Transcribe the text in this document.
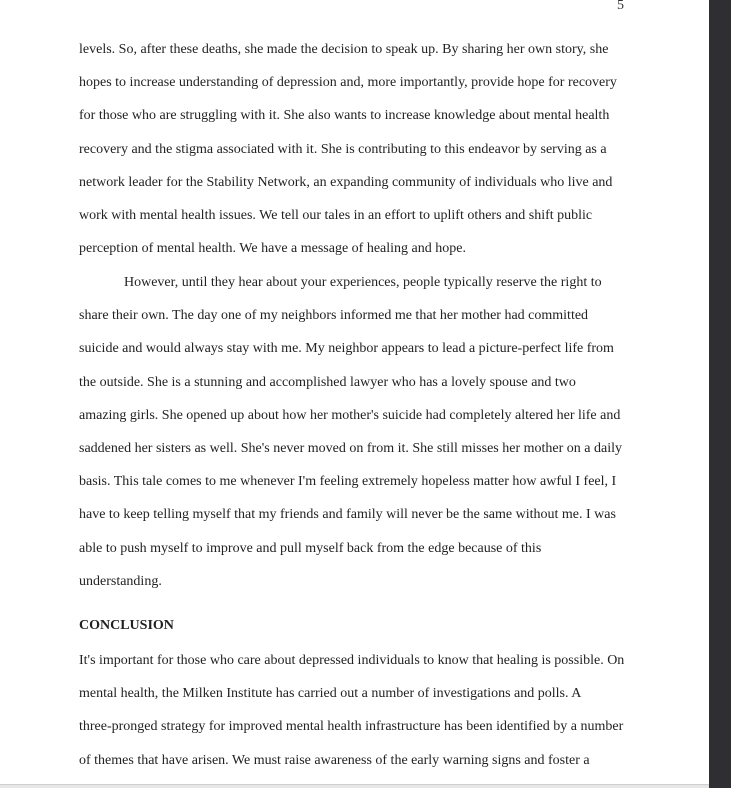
5
levels. So, after these deaths, she made the decision to speak up. By sharing her own story, she
hopes to increase understanding of depression and, more importantly, provide hope for recovery
for those who are struggling with it. She also wants to increase knowledge about mental health
recovery and the stigma associated with it. She is contributing to this endeavor by serving as a
network leader for the Stability Network, an expanding community of individuals who live and
work with mental health issues. We tell our tales in an effort to uplift others and shift public
perception of mental health. We have a message of healing and hope.
However, until they hear about your experiences, people typically reserve the right to
share their own. The day one of my neighbors informed me that her mother had committed
suicide and would always stay with me. My neighbor appears to lead a picture-perfect life from
the outside. She is a stunning and accomplished lawyer who has a lovely spouse and two
amazing girls. She opened up about how her mother's suicide had completely altered her life and
saddened her sisters as well. She's never moved on from it. She still misses her mother on a daily
basis. This tale comes to me whenever I'm feeling extremely hopeless matter how awful I feel, I
have to keep telling myself that my friends and family will never be the same without me. I was
able to push myself to improve and pull myself back from the edge because of this
understanding.
CONCLUSION
It's important for those who care about depressed individuals to know that healing is possible. On
mental health, the Milken Institute has carried out a number of investigations and polls. A
three-pronged strategy for improved mental health infrastructure has been identified by a number
of themes that have arisen. We must raise awareness of the early warning signs and foster a
